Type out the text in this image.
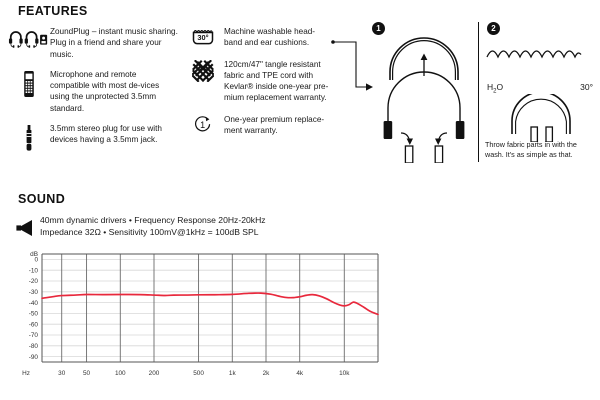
FEATURES
ZoundPlug – instant music sharing. Plug in a friend and share your music.
Microphone and remote compatible with most de-vices using the unprotected 3.5mm standard.
3.5mm stereo plug for use with devices having a 3.5mm jack.
30°
Machine washable head-band and ear cushions.
120cm/47" tangle resistant fabric and TPE cord with Kevlar® inside one-year pre-mium replacement warranty.
1
One-year premium replace-ment warranty.
1	2
$H_2O$	30°
Throw fabric parts in with the wash. It's as simple as that.
SOUND
40mm dynamic drivers • Frequency Response 20Hz-20kHz
Impedance 32Ω • Sensitivity 100mV@1kHz = 100dB SPL
0
-10
-20
-30
-40
-50
-60
-70
-80
-90
30	50	100	200	500	1k	2k	4k	10k
dB
Hz
